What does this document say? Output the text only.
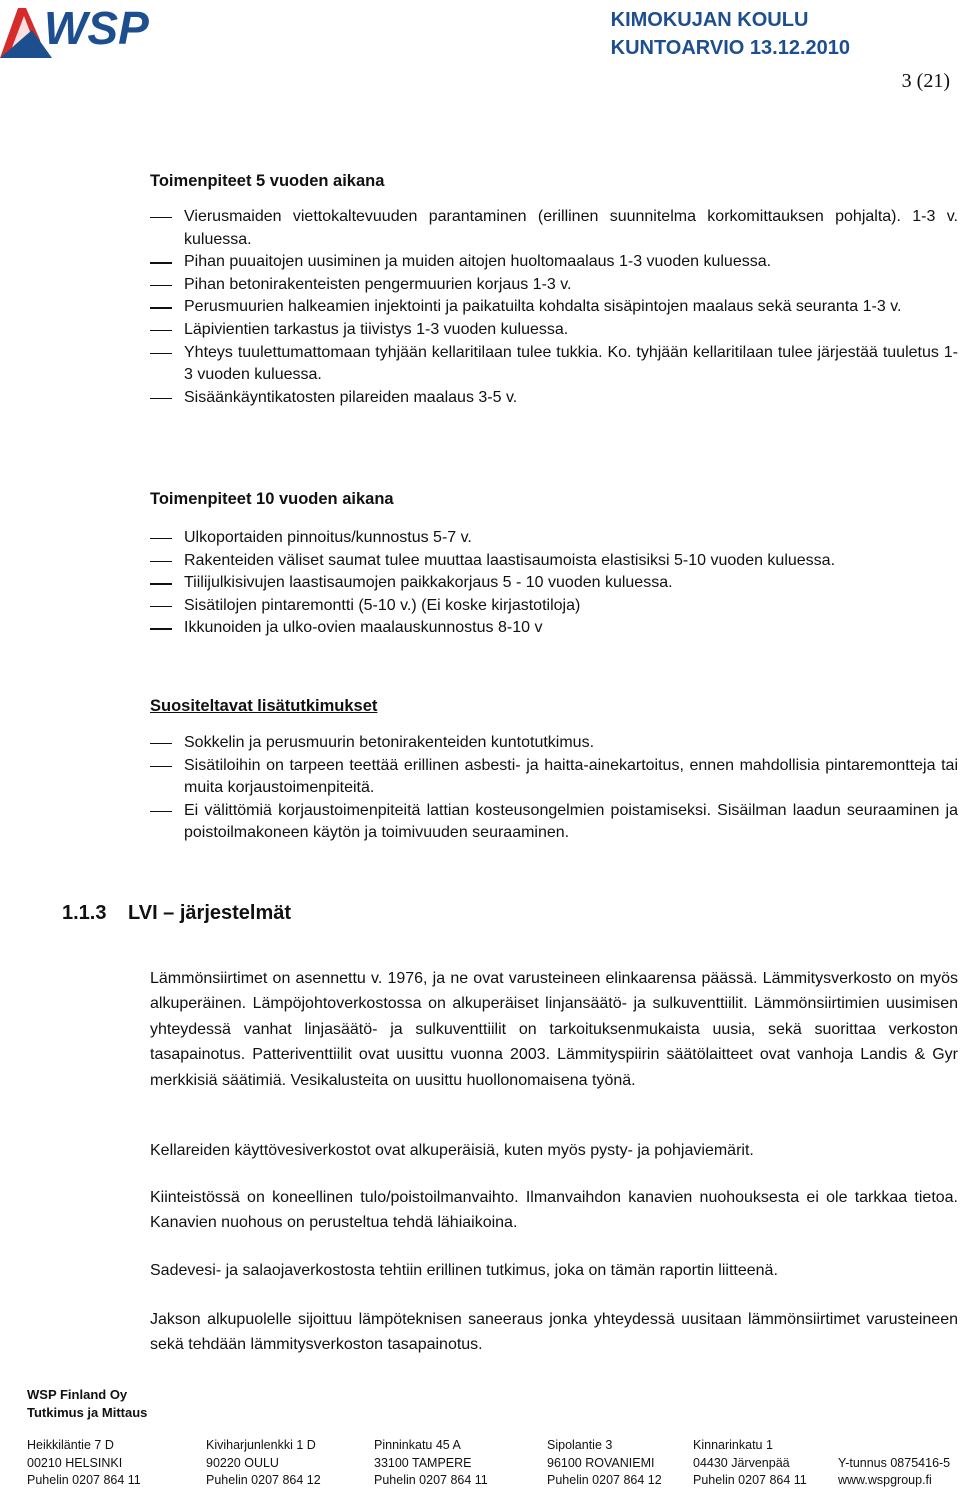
WSP	KIMOKUJAN KOULU
KUNTOARVIO 13.12.2010
3 (21)
Toimenpiteet 5 vuoden aikana
Vierusmaiden viettokaltevuuden parantaminen (erillinen suunnitelma korkomittauksen pohjalta). 1-3 v. kuluessa.
Pihan puuaitojen uusiminen ja muiden aitojen huoltomaalaus 1-3 vuoden kuluessa.
Pihan betonirakenteisten pengermuurien korjaus 1-3 v.
Perusmuurien halkeamien injektointi ja paikatuilta kohdalta sisäpintojen maalaus sekä seuranta 1-3 v.
Läpivientien tarkastus ja tiivistys 1-3 vuoden kuluessa.
Yhteys tuulettumattomaan tyhjään kellaritilaan tulee tukkia. Ko. tyhjään kellaritilaan tulee järjestää tuuletus 1-3 vuoden kuluessa.
Sisäänkäyntikatosten pilareiden maalaus 3-5 v.
Toimenpiteet 10 vuoden aikana
Ulkoportaiden pinnoitus/kunnostus 5-7 v.
Rakenteiden väliset saumat tulee muuttaa laastisaumoista elastisiksi 5-10 vuoden kuluessa.
Tiilijulkisivujen laastisaumojen paikkakorjaus 5 - 10 vuoden kuluessa.
Sisätilojen pintaremontti (5-10 v.) (Ei koske kirjastotiloja)
Ikkunoiden ja ulko-ovien maalauskunnostus 8-10 v
Suositeltavat lisätutkimukset
Sokkelin ja perusmuurin betonirakenteiden kuntotutkimus.
Sisätiloihin on tarpeen teettää erillinen asbesti- ja haitta-ainekartoitus, ennen mahdollisia pintaremontteja tai muita korjaustoimenpiteitä.
Ei välittömiä korjaustoimenpiteitä lattian kosteusongelmien poistamiseksi. Sisäilman laadun seuraaminen ja poistoilmakoneen käytön ja toimivuuden seuraaminen.
1.1.3 LVI – järjestelmät

Lämmönsiirtimet on asennettu v. 1976, ja ne ovat varusteineen elinkaarensa päässä. Lämmitysverkosto on myös alkuperäinen. Lämpöjohtoverkostossa on alkuperäiset linjansäätö- ja sulkuventtiilit. Lämmönsiirtimien uusimisen yhteydessä vanhat linjasäätö- ja sulkuventtiilit on tarkoituksenmukaista uusia, sekä suorittaa verkoston tasapainotus. Patteriventtiilit ovat uusittu vuonna 2003. Lämmityspiirin säätölaitteet ovat vanhoja Landis & Gyr merkkisiä säätimiä. Vesikalusteita on uusittu huollonomaisena työnä.

Kellareiden käyttövesiverkostot ovat alkuperäisiä, kuten myös pysty- ja pohjaviemärit.

Kiinteistössä on koneellinen tulo/poistoilmanvaihto. Ilmanvaihdon kanavien nuohouksesta ei ole tarkkaa tietoa. Kanavien nuohous on perusteltua tehdä lähiaikoina.

Sadevesi- ja salaojaverkostosta tehtiin erillinen tutkimus, joka on tämän raportin liitteenä.

Jakson alkupuolelle sijoittuu lämpöteknisen saneeraus jonka yhteydessä uusitaan lämmönsiirtimet varusteineen sekä tehdään lämmitysverkoston tasapainotus.

WSP Finland Oy
Tutkimus ja Mittaus
Heikkiläntie 7 D
00210 HELSINKI
Puhelin 0207 864 11
Kiviharjunlenkki 1 D
90220 OULU
Puhelin 0207 864 12
Pinninkatu 45 A
33100 TAMPERE
Puhelin 0207 864 11
Sipolantie 3
96100 ROVANIEMI
Puhelin 0207 864 12
Kinnarinkatu 1
04430 Järvenpää
Puhelin 0207 864 11

Y-tunnus 0875416-5
www.wspgroup.fi
